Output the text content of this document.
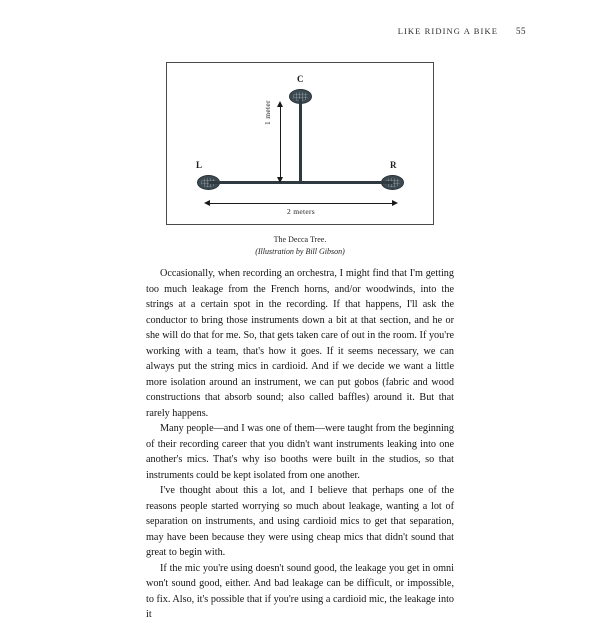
LIKE RIDING A BIKE 55
C
L	R
1 meter
2 meters
The Decca Tree.
(Illustration by Bill Gibson)

Occasionally, when recording an orchestra, I might find that I'm getting too much leakage from the French horns, and/or woodwinds, into the strings at a certain spot in the recording. If that happens, I'll ask the conductor to bring those instruments down a bit at that section, and he or she will do that for me. So, that gets taken care of out in the room. If you're working with a team, that's how it goes. If it seems necessary, we can always put the string mics in cardioid. And if we decide we want a little more isolation around an instrument, we can put gobos (fabric and wood constructions that absorb sound; also called baffles) around it. But that rarely happens.

Many people—and I was one of them—were taught from the beginning of their recording career that you didn't want instruments leaking into one another's mics. That's why iso booths were built in the studios, so that instruments could be kept isolated from one another.

I've thought about this a lot, and I believe that perhaps one of the reasons people started worrying so much about leakage, wanting a lot of separation on instruments, and using cardioid mics to get that separation, may have been because they were using cheap mics that didn't sound that great to begin with.

If the mic you're using doesn't sound good, the leakage you get in omni won't sound good, either. And bad leakage can be difficult, or impossible, to fix. Also, it's possible that if you're using a cardioid mic, the leakage into it
